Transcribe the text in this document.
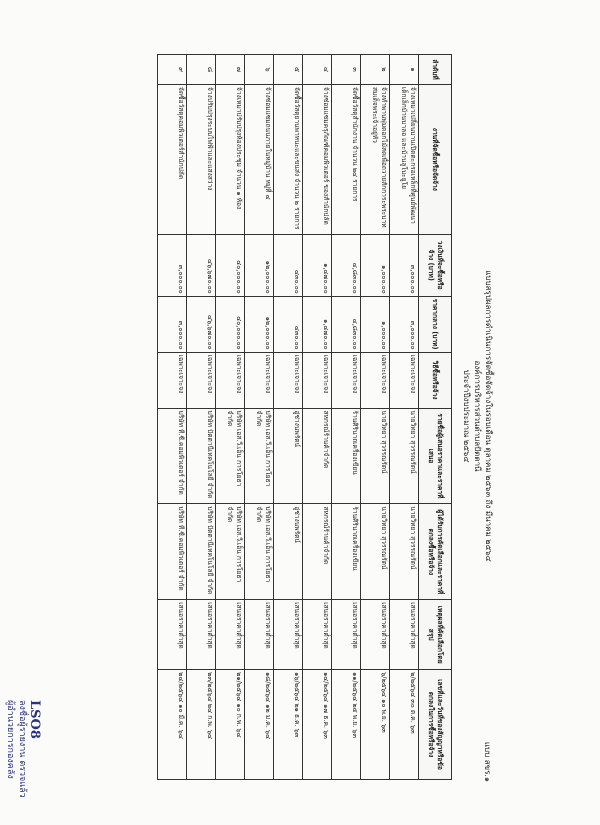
แบบ สขร.๑
แบบสรุปผลการดำเนินการจัดซื้อจัดจ้างในรอบเดือน ตุลาคม ๒๕๖๓ ถึง มีนาคม ๒๕๖๔
องค์การบริหารส่วนตำบลปัตตานี
ประจำปีงบประมาณ ๒๕๖๔
ลำดับที่	งานที่จัดซื้อหรือจัดจ้าง	วงเงินที่จะซื้อหรือจ้าง (บาท)	ราคากลาง (บาท)	วิธีซื้อหรือจ้าง	รายชื่อผู้เสนอราคาและราคาที่เสนอ	ผู้ได้รับการคัดเลือกและราคาที่ตกลงซื้อหรือจ้าง	เหตุผลที่คัดเลือกโดยสรุป	เลขที่และวันที่ของสัญญาหรือข้อตกลงในการซื้อหรือจ้าง
๑	จ้างเหมาเปลี่ยนบานเปิดตะกรอเหล็กที่ศูนย์พัฒนาเด็กเล็กบ้านบาลอ และบ้านลูโบะยูโย	๓,๐๐๐.๐๐	๓,๐๐๐.๐๐	เฉพาะเจาะจง	นายวิทยา สุวรรณรัตน์	นายวิทยา สุวรรณรัตน์	เสนอราคาต่ำสุด	๒/๒๕๖๔ ๓๐ ต.ค. ๖๓
๒	จ้างทำพานพุ่มดอกไม้สดเพื่อถวายสักการะพระบาทสมเด็จพระเจ้าอยู่หัว	๑,๐๐๐.๐๐	๑,๐๐๐.๐๐	เฉพาะเจาะจง	นายวิทยา สุวรรณรัตน์	นายวิทยา สุวรรณรัตน์	เสนอราคาต่ำสุด	๖/๒๕๖๔ ๑๐ พ.ย. ๖๓
๓	จัดซื้อวัสดุสำนักงาน จำนวน ๒๔ รายการ	๔,๘๓๐.๐๐	๔,๘๓๐.๐๐	เฉพาะเจาะจง	ร้านศิรินาถเครื่องเขียน	ร้านศิรินาถเครื่องเขียน	เสนอราคาต่ำสุด	๑๑/๒๕๖๔ ๒๕ พ.ย. ๖๓
๔	จ้างซ่อมแซมครุภัณฑ์คอมพิวเตอร์ ของสำนักปลัด	๑,๔๗๐.๐๐	๑,๔๗๐.๐๐	เฉพาะเจาะจง	สหกรณ์ร้านค้าจำกัด	สหกรณ์ร้านค้าจำกัด	เสนอราคาต่ำสุด	๑๔/๒๕๖๔ ๑๗ ธ.ค. ๖๓
๕	จัดซื้อวัสดุยานพาหนะและขนส่ง จำนวน ๒ รายการ	๔๓๐.๐๐	๔๓๐.๐๐	เฉพาะเจาะจง	อู่ช่างนพรัตน์	อู่ช่างนพรัตน์	เสนอราคาต่ำสุด	๑๖/๒๕๖๔ ๒๑ ธ.ค. ๖๓
๖	จ้างซ่อมแซมถนนภายในหมู่บ้าน หมู่ที่ ๔	๑๒,๐๐๐.๐๐	๑๒,๐๐๐.๐๐	เฉพาะเจาะจง	บริษัท เอส.วี.เอ็น การโยธา จำกัด	บริษัท เอส.วี.เอ็น การโยธา จำกัด	เสนอราคาต่ำสุด	๑๘/๒๕๖๔ ๑๒ ม.ค. ๖๔
๗	จ้างเหมาปรับปรุงห้องประชุม จำนวน ๑ ห้อง	๔๐,๐๐๐.๐๐	๔๐,๐๐๐.๐๐	เฉพาะเจาะจง	บริษัท เอส.วี.เอ็น การโยธา จำกัด	บริษัท เอส.วี.เอ็น การโยธา จำกัด	เสนอราคาต่ำสุด	๒๑/๒๕๖๔ ๑๐ ก.พ. ๖๔
๘	จ้างปรับปรุงระบบไฟฟ้าและแสงสว่าง	๔๖,๖๗๐.๐๐	๔๖,๖๗๐.๐๐	เฉพาะเจาะจง	บริษัท ปัตตานีเทคโนโลยี จำกัด	บริษัท ปัตตานีเทคโนโลยี จำกัด	เสนอราคาต่ำสุด	๒๓/๒๕๖๔ ๒๔ ก.พ. ๖๔
๙	จัดซื้อวัสดุคอมพิวเตอร์สำนักปลัด	๓,๐๐๐.๐๐	๓,๐๐๐.๐๐	เฉพาะเจาะจง	บริษัท ที.ซี.คอมพิวเตอร์ จำกัด	บริษัท ที.ซี.คอมพิวเตอร์ จำกัด	เสนอราคาต่ำสุด	๒๔/๒๕๖๔ ๑๐ มี.ค. ๖๔
LSO8
ลงชื่อผู้รายงาน ตรวจแล้ว
ผู้อำนวยการกองคลัง
